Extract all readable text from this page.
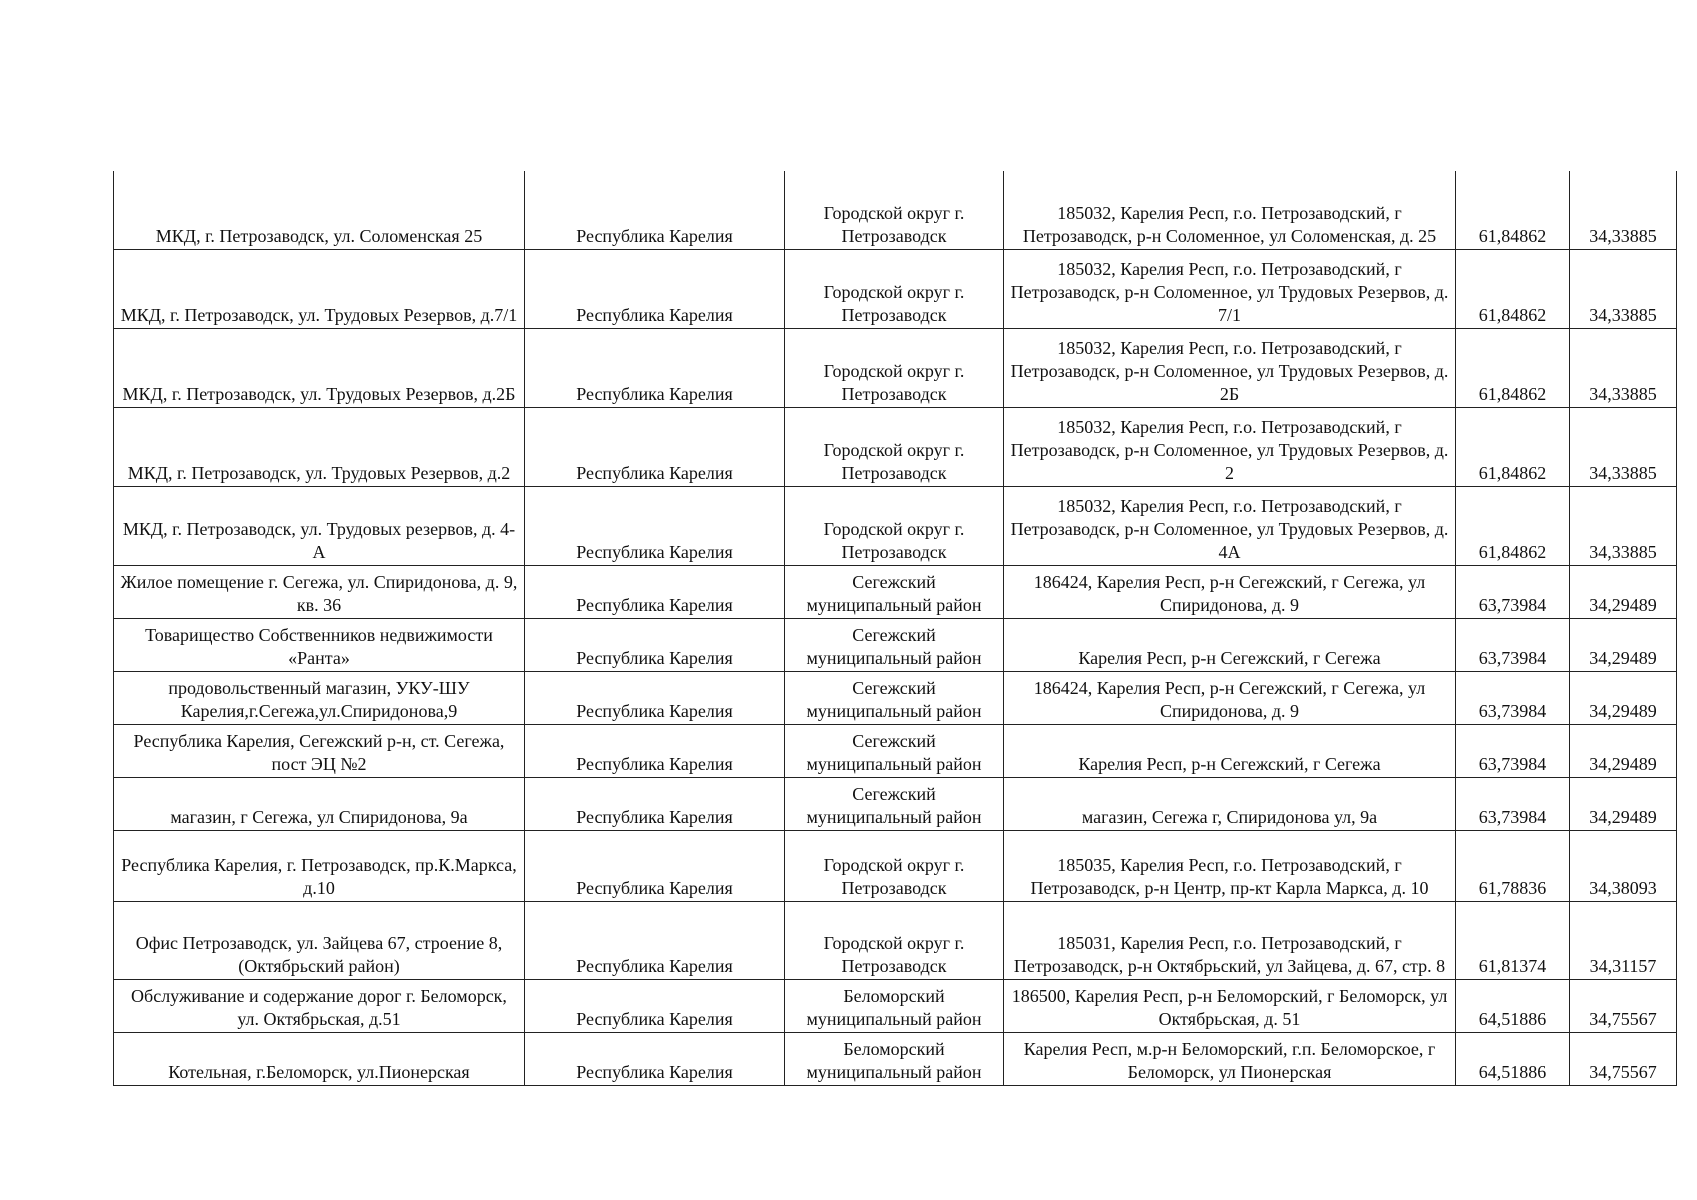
МКД, г. Петрозаводск, ул. Соломенская 25	Республика Карелия	Городской округ г. Петрозаводск	185032, Карелия Респ, г.о. Петрозаводский, г Петрозаводск, р-н Соломенное, ул Соломенская, д. 25	61,84862	34,33885
МКД, г. Петрозаводск, ул. Трудовых Резервов, д.7/1	Республика Карелия	Городской округ г. Петрозаводск	185032, Карелия Респ, г.о. Петрозаводский, г Петрозаводск, р-н Соломенное, ул Трудовых Резервов, д. 7/1	61,84862	34,33885
МКД, г. Петрозаводск, ул. Трудовых Резервов, д.2Б	Республика Карелия	Городской округ г. Петрозаводск	185032, Карелия Респ, г.о. Петрозаводский, г Петрозаводск, р-н Соломенное, ул Трудовых Резервов, д. 2Б	61,84862	34,33885
МКД, г. Петрозаводск, ул. Трудовых Резервов, д.2	Республика Карелия	Городской округ г. Петрозаводск	185032, Карелия Респ, г.о. Петрозаводский, г Петрозаводск, р-н Соломенное, ул Трудовых Резервов, д. 2	61,84862	34,33885
МКД, г. Петрозаводск, ул. Трудовых резервов, д. 4-А	Республика Карелия	Городской округ г. Петрозаводск	185032, Карелия Респ, г.о. Петрозаводский, г Петрозаводск, р-н Соломенное, ул Трудовых Резервов, д. 4А	61,84862	34,33885
Жилое помещение г. Сегежа, ул. Спиридонова, д. 9, кв. 36	Республика Карелия	Сегежский муниципальный район	186424, Карелия Респ, р-н Сегежский, г Сегежа, ул Спиридонова, д. 9	63,73984	34,29489
Товарищество Собственников недвижимости «Ранта»	Республика Карелия	Сегежский муниципальный район	Карелия Респ, р-н Сегежский, г Сегежа	63,73984	34,29489
продовольственный магазин, УКУ-ШУ Карелия,г.Сегежа,ул.Спиридонова,9	Республика Карелия	Сегежский муниципальный район	186424, Карелия Респ, р-н Сегежский, г Сегежа, ул Спиридонова, д. 9	63,73984	34,29489
Республика Карелия, Сегежский р-н, ст. Сегежа, пост ЭЦ №2	Республика Карелия	Сегежский муниципальный район	Карелия Респ, р-н Сегежский, г Сегежа	63,73984	34,29489
магазин, г Сегежа, ул Спиридонова, 9а	Республика Карелия	Сегежский муниципальный район	магазин, Сегежа г, Спиридонова ул, 9а	63,73984	34,29489
Республика Карелия, г. Петрозаводск, пр.К.Маркса, д.10	Республика Карелия	Городской округ г. Петрозаводск	185035, Карелия Респ, г.о. Петрозаводский, г Петрозаводск, р-н Центр, пр-кт Карла Маркса, д. 10	61,78836	34,38093
Офис Петрозаводск, ул. Зайцева 67, строение 8, (Октябрьский район)	Республика Карелия	Городской округ г. Петрозаводск	185031, Карелия Респ, г.о. Петрозаводский, г Петрозаводск, р-н Октябрьский, ул Зайцева, д. 67, стр. 8	61,81374	34,31157
Обслуживание и содержание дорог г. Беломорск, ул. Октябрьская, д.51	Республика Карелия	Беломорский муниципальный район	186500, Карелия Респ, р-н Беломорский, г Беломорск, ул Октябрьская, д. 51	64,51886	34,75567
Котельная, г.Беломорск, ул.Пионерская	Республика Карелия	Беломорский муниципальный район	Карелия Респ, м.р-н Беломорский, г.п. Беломорское, г Беломорск, ул Пионерская	64,51886	34,75567
